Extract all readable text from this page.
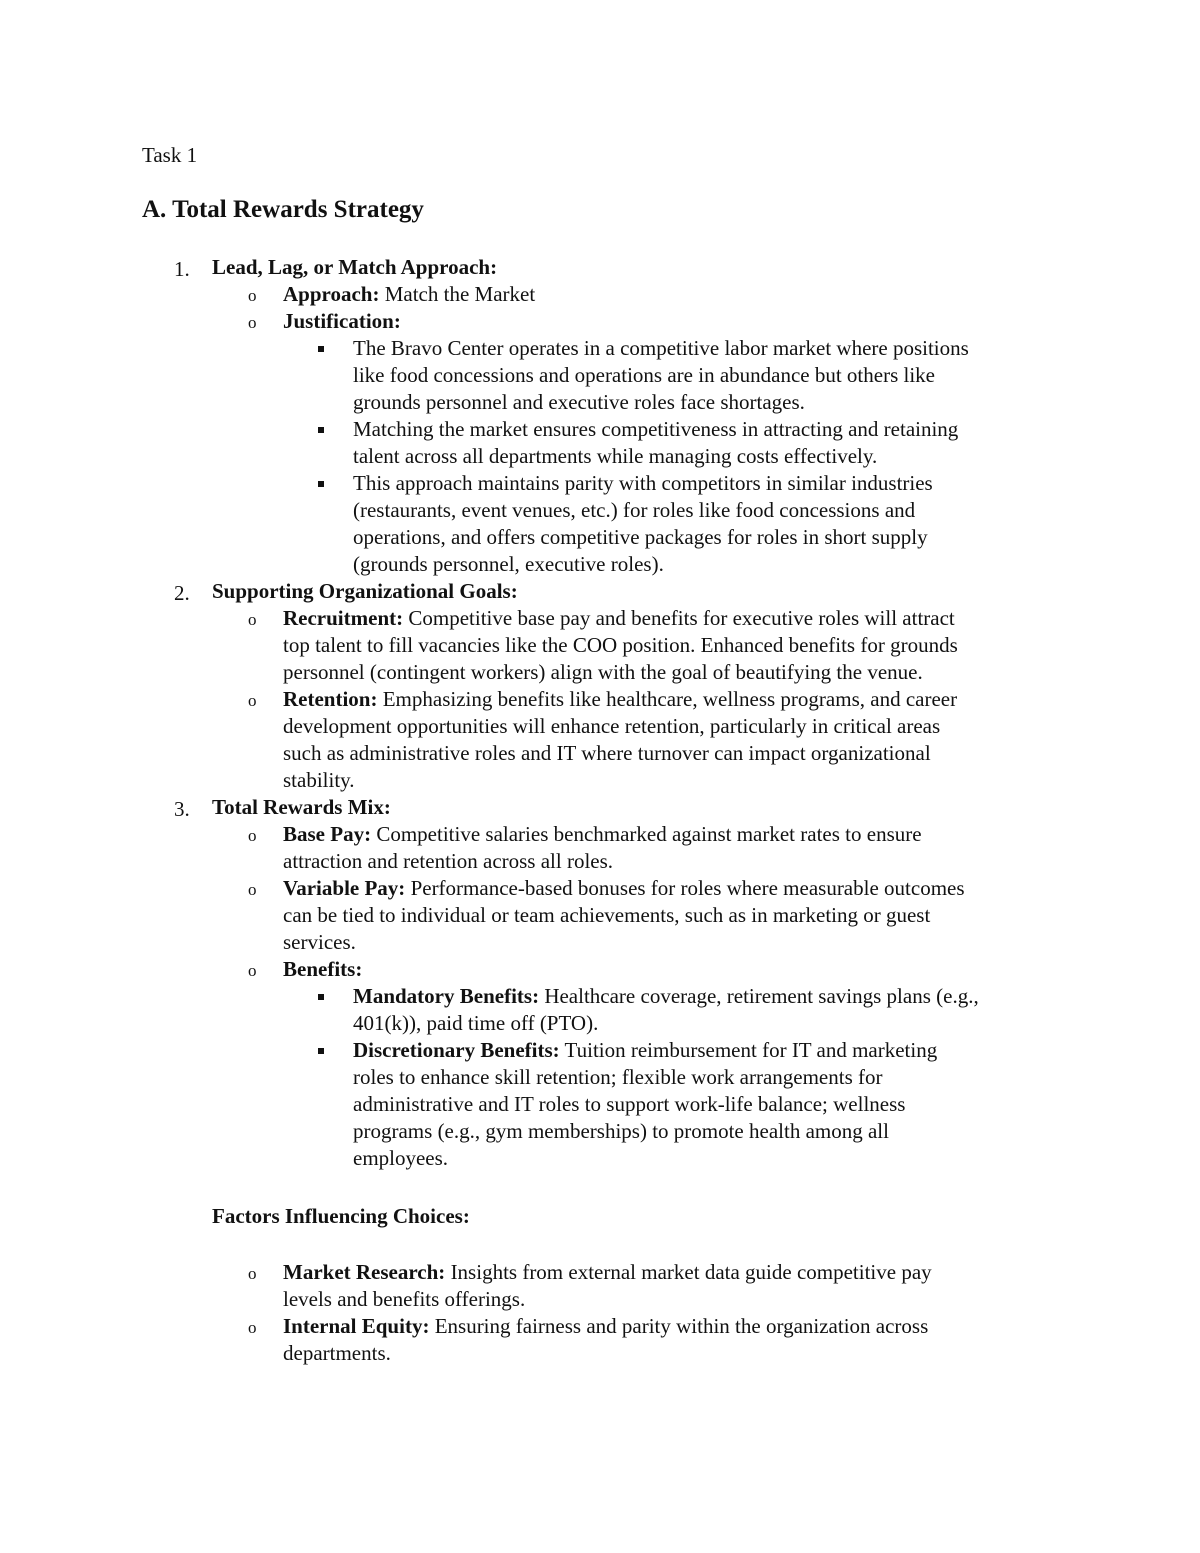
Task 1
A. Total Rewards Strategy
1. Lead, Lag, or Match Approach:
o Approach: Match the Market
o Justification:
The Bravo Center operates in a competitive labor market where positions
like food concessions and operations are in abundance but others like
grounds personnel and executive roles face shortages.
Matching the market ensures competitiveness in attracting and retaining
talent across all departments while managing costs effectively.
This approach maintains parity with competitors in similar industries
(restaurants, event venues, etc.) for roles like food concessions and
operations, and offers competitive packages for roles in short supply
(grounds personnel, executive roles).
2. Supporting Organizational Goals:
o Recruitment: Competitive base pay and benefits for executive roles will attract
top talent to fill vacancies like the COO position. Enhanced benefits for grounds
personnel (contingent workers) align with the goal of beautifying the venue.
o Retention: Emphasizing benefits like healthcare, wellness programs, and career
development opportunities will enhance retention, particularly in critical areas
such as administrative roles and IT where turnover can impact organizational
stability.
3. Total Rewards Mix:
o Base Pay: Competitive salaries benchmarked against market rates to ensure
attraction and retention across all roles.
o Variable Pay: Performance-based bonuses for roles where measurable outcomes
can be tied to individual or team achievements, such as in marketing or guest
services.
o Benefits:
Mandatory Benefits: Healthcare coverage, retirement savings plans (e.g.,
401(k)), paid time off (PTO).
Discretionary Benefits: Tuition reimbursement for IT and marketing
roles to enhance skill retention; flexible work arrangements for
administrative and IT roles to support work-life balance; wellness
programs (e.g., gym memberships) to promote health among all
employees.
Factors Influencing Choices:
o Market Research: Insights from external market data guide competitive pay
levels and benefits offerings.
o Internal Equity: Ensuring fairness and parity within the organization across
departments.
